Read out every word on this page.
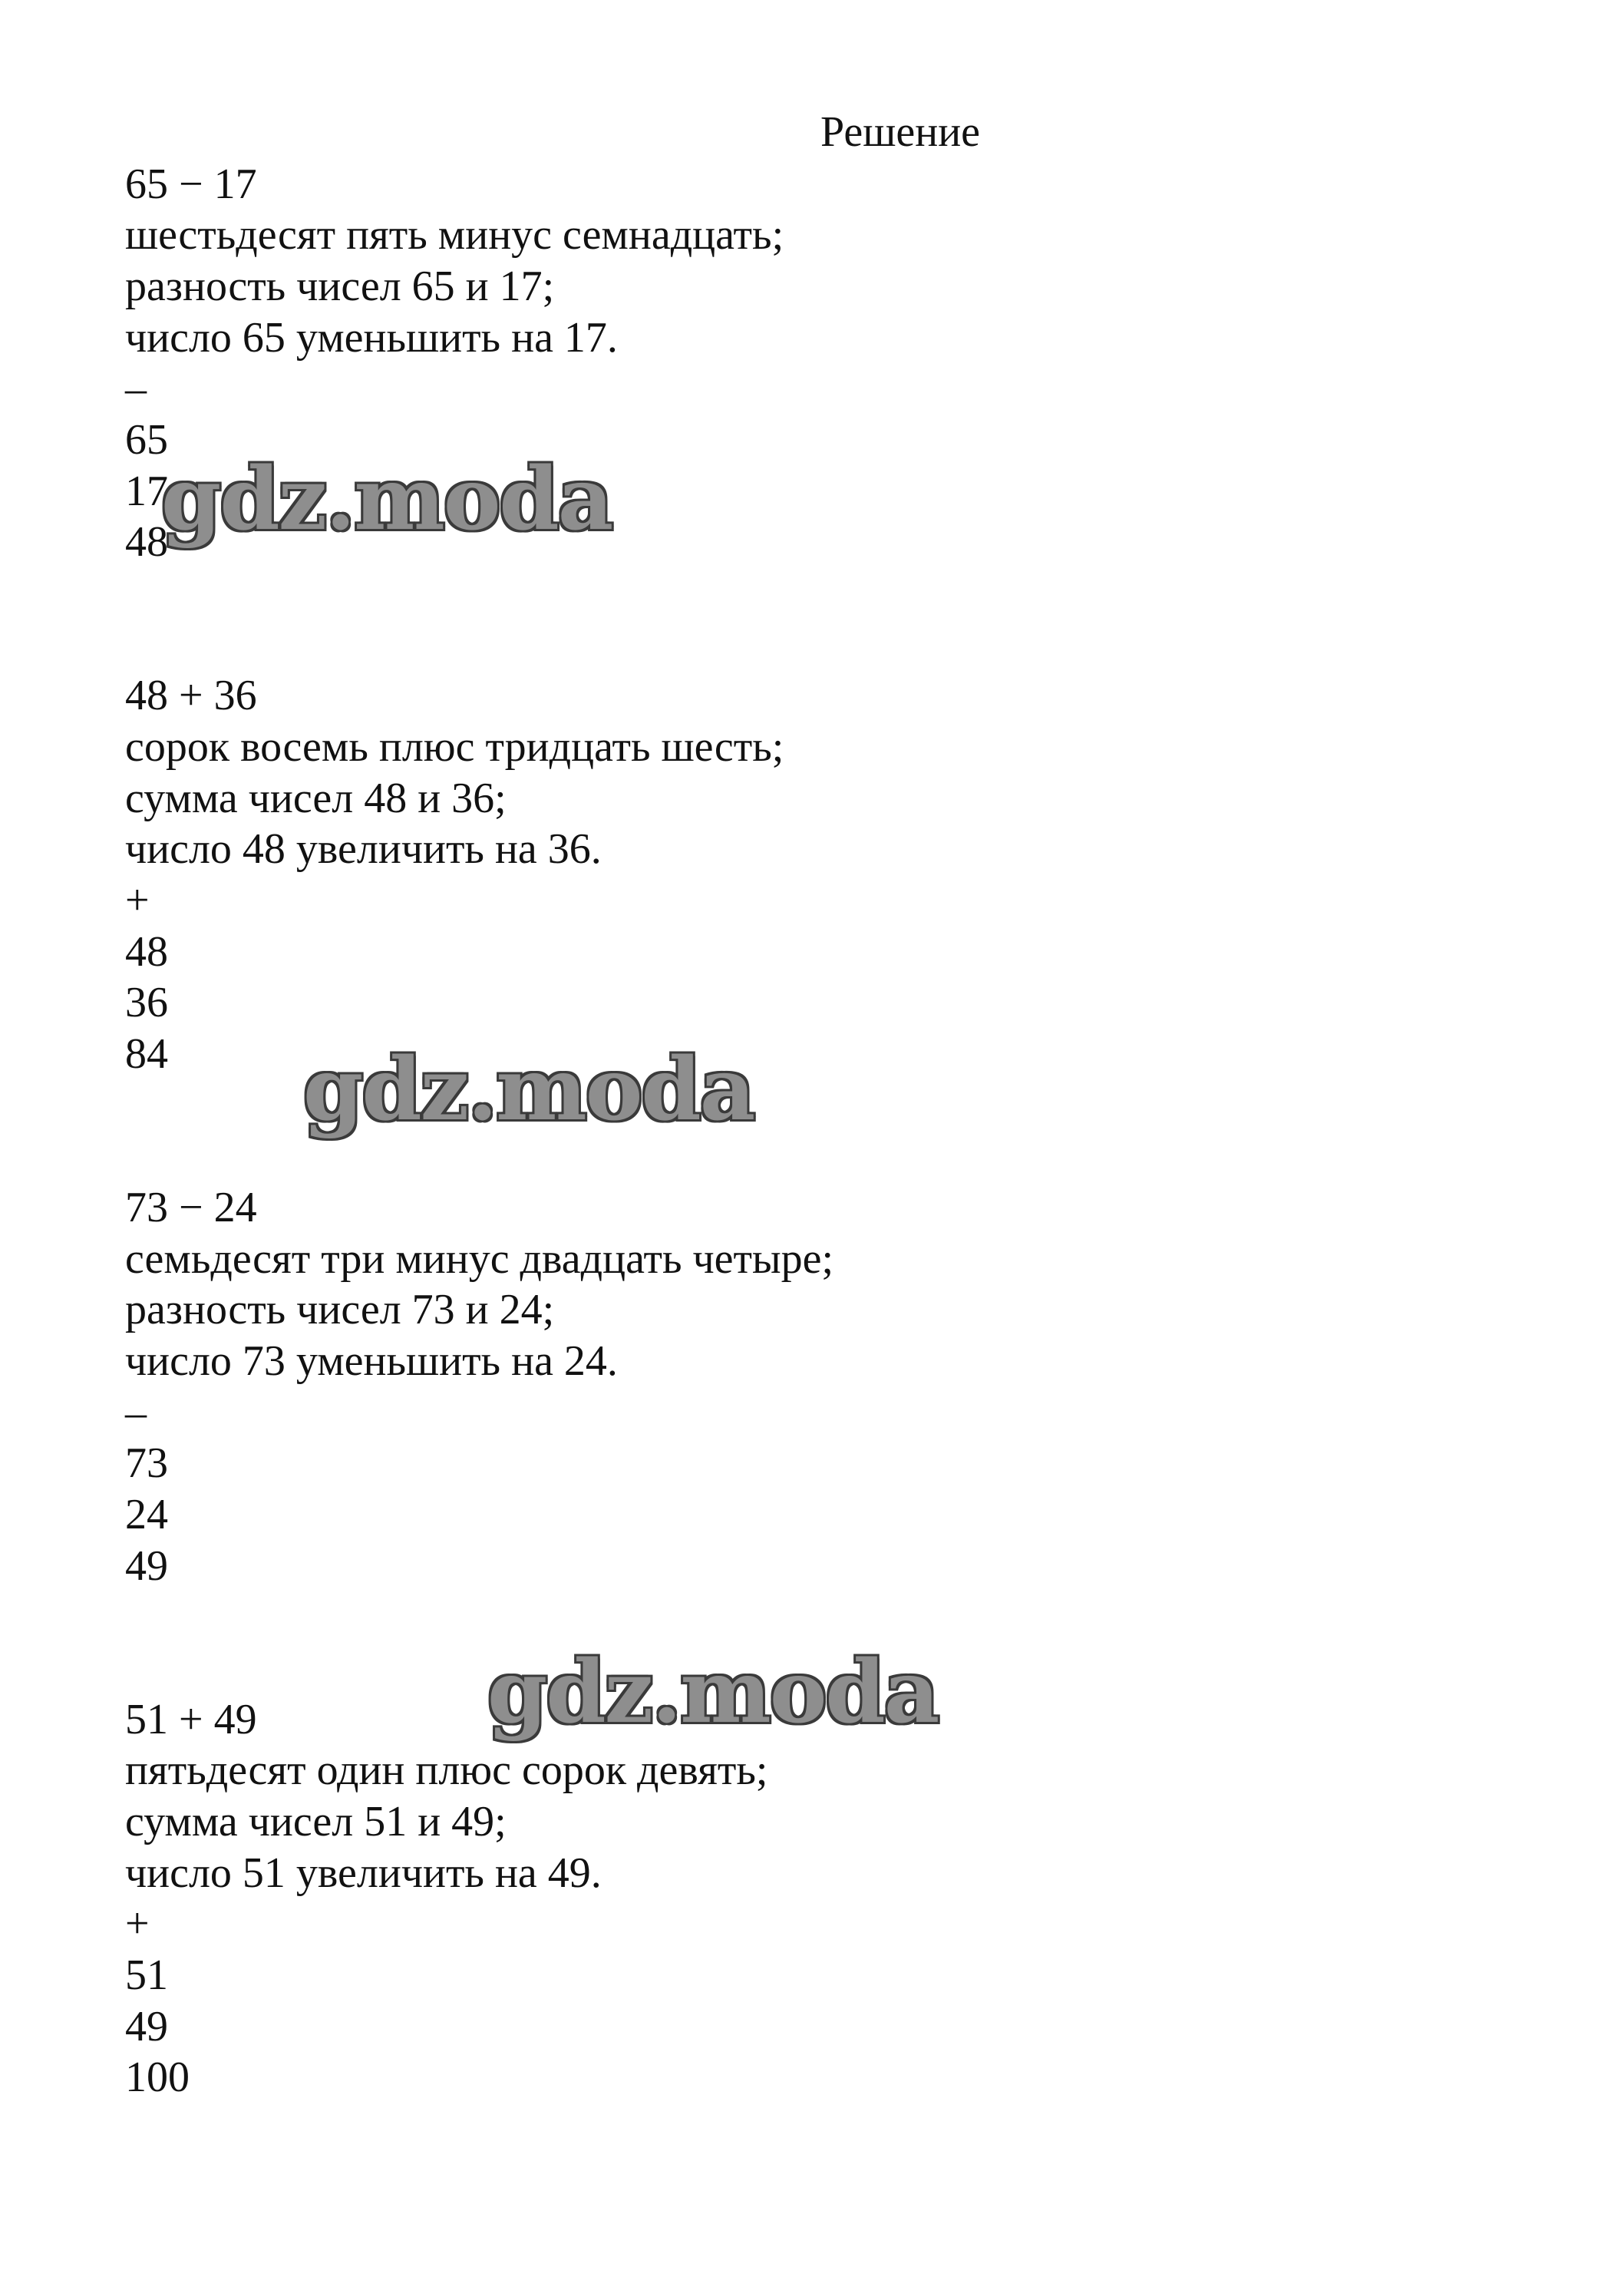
Решение
65 − 17
шестьдесят пять минус семнадцать;
разность чисел 65 и 17;
число 65 уменьшить на 17.
–
65
17
48
48 + 36
сорок восемь плюс тридцать шесть;
сумма чисел 48 и 36;
число 48 увеличить на 36.
+
48
36
84
73 − 24
семьдесят три минус двадцать четыре;
разность чисел 73 и 24;
число 73 уменьшить на 24.
–
73
24
49
51 + 49
пятьдесят один плюс сорок девять;
сумма чисел 51 и 49;
число 51 увеличить на 49.
+
51
49
100
gdz.moda
gdz.moda
gdz.moda
